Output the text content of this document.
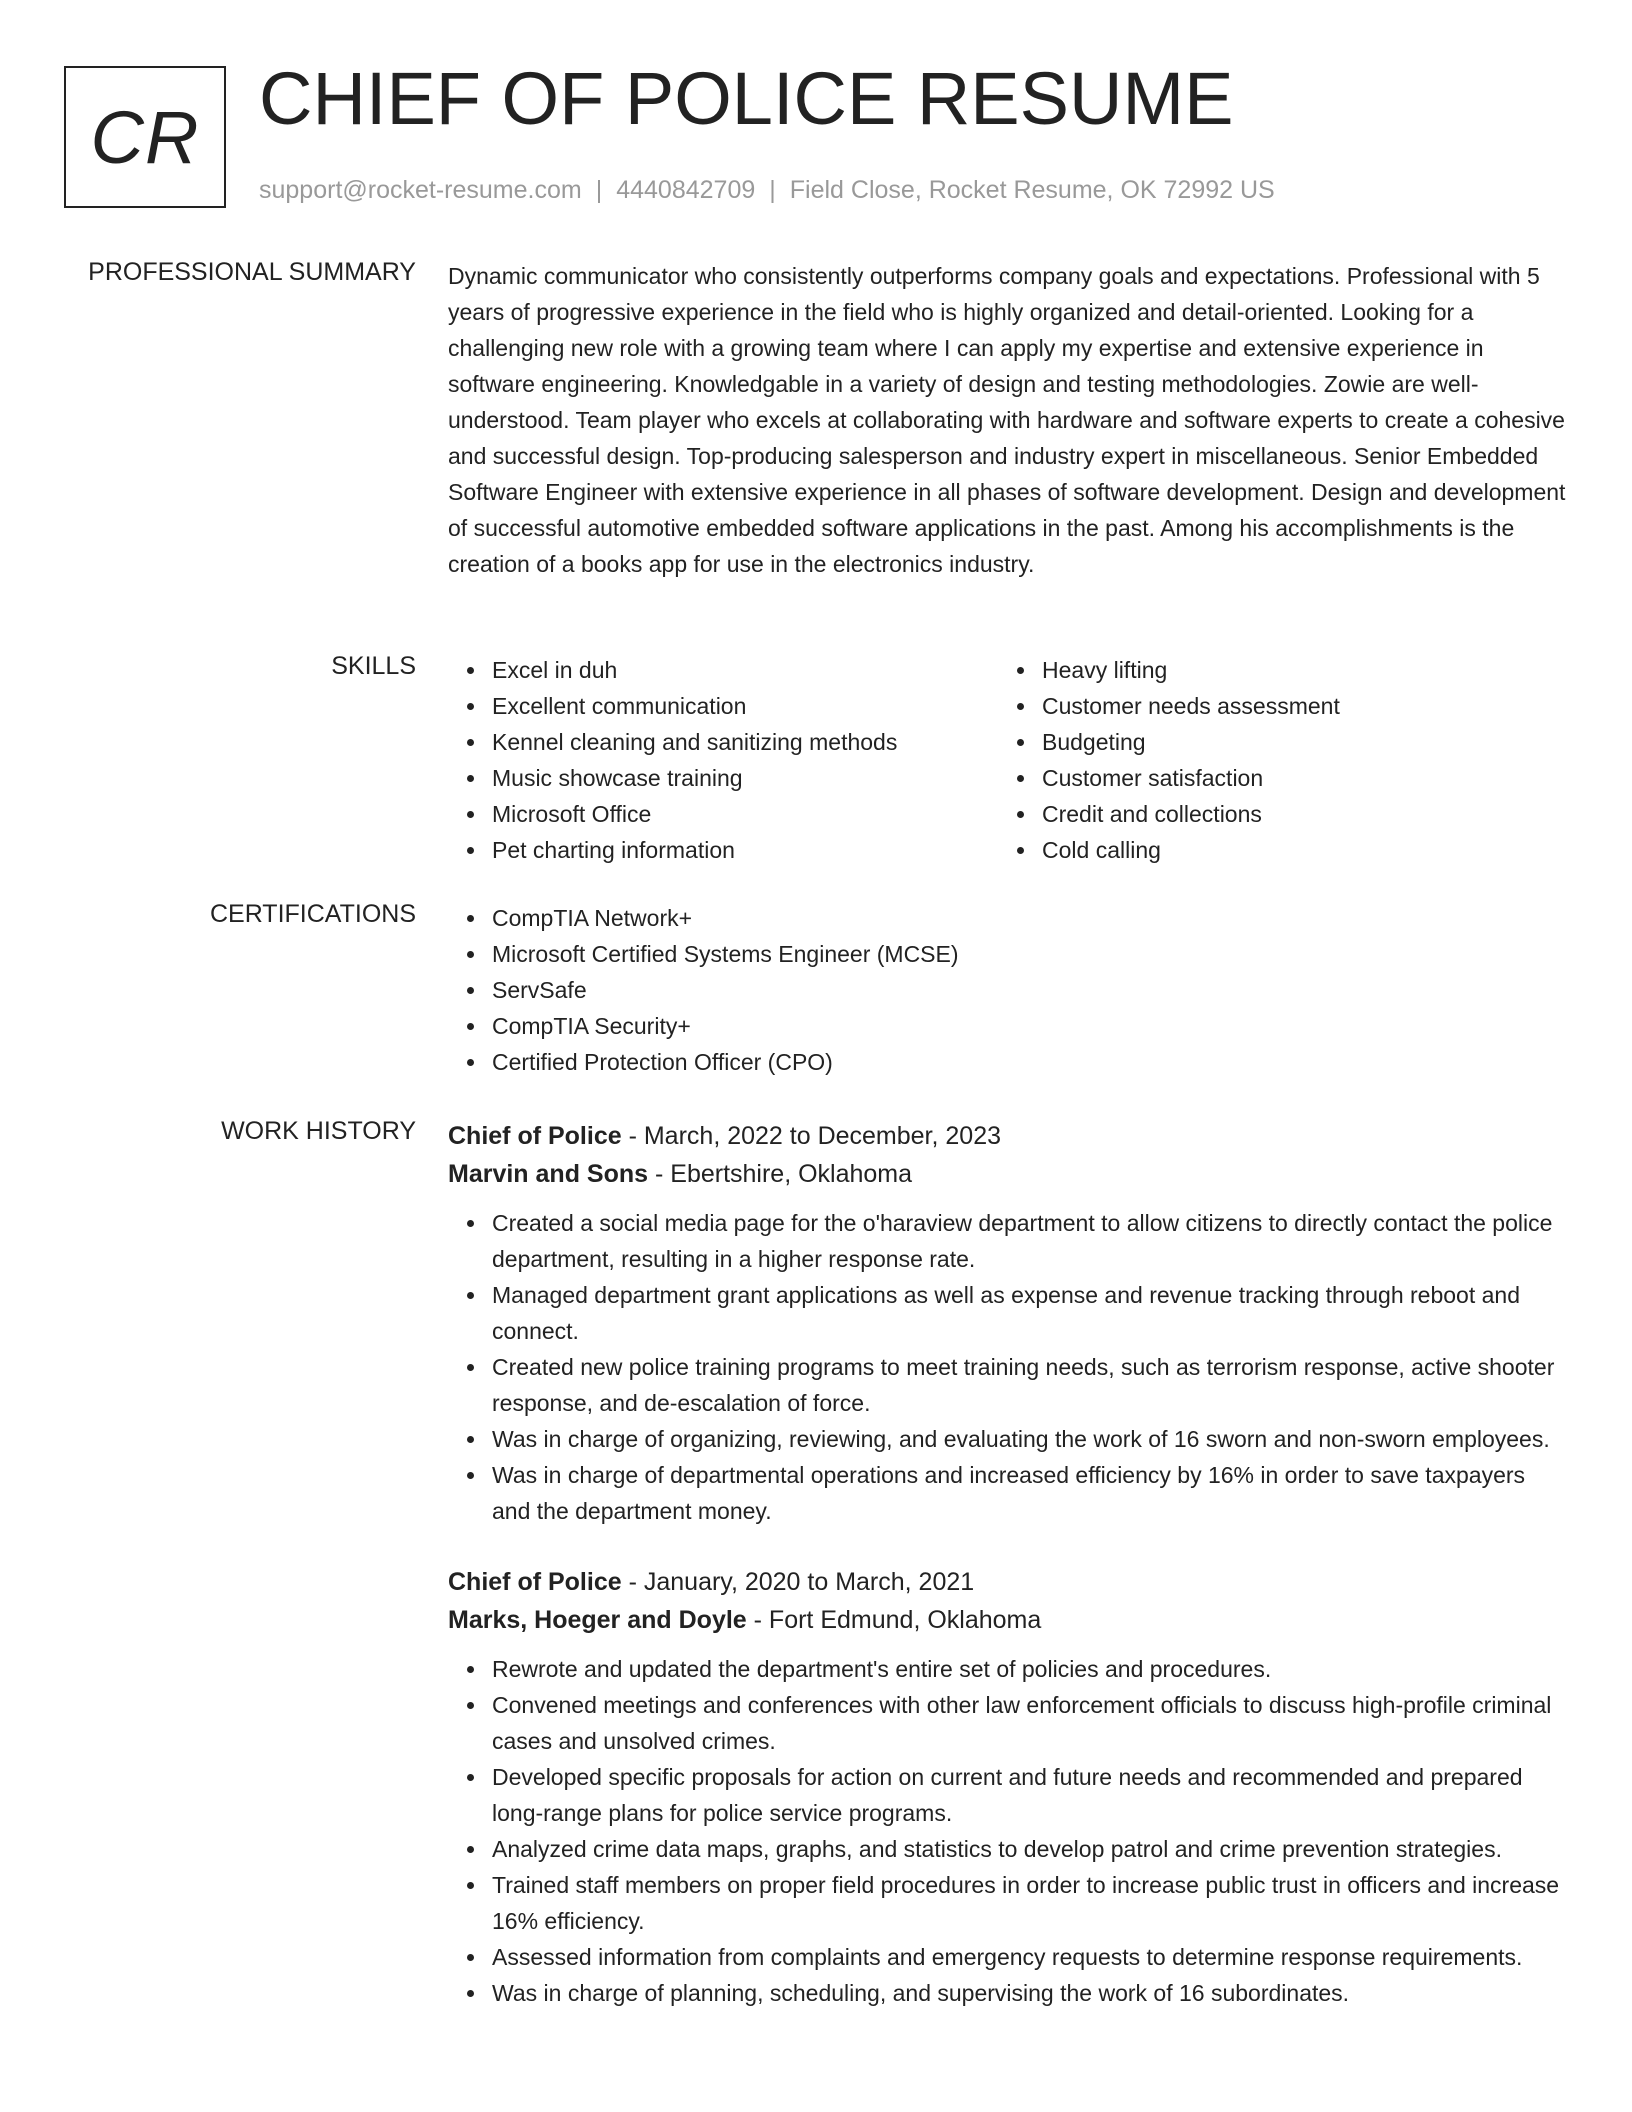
CR CHIEF OF POLICE RESUME
support@rocket-resume.com | 4440842709 | Field Close, Rocket Resume, OK 72992 US
PROFESSIONAL SUMMARY Dynamic communicator who consistently outperforms company goals and expectations. Professional with 5 years of progressive experience in the field who is highly organized and detail-oriented. Looking for a challenging new role with a growing team where I can apply my expertise and extensive experience in software engineering. Knowledgable in a variety of design and testing methodologies. Zowie are well-understood. Team player who excels at collaborating with hardware and software experts to create a cohesive and successful design. Top-producing salesperson and industry expert in miscellaneous. Senior Embedded Software Engineer with extensive experience in all phases of software development. Design and development of successful automotive embedded software applications in the past. Among his accomplishments is the creation of a books app for use in the electronics industry.

SKILLS	Excel in duh
Excellent communication
Kennel cleaning and sanitizing methods
Music showcase training
Microsoft Office
Pet charting information
Heavy lifting
Customer needs assessment
Budgeting
Customer satisfaction
Credit and collections
Cold calling
CERTIFICATIONS	CompTIA Network+
Microsoft Certified Systems Engineer (MCSE)
ServSafe
CompTIA Security+
Certified Protection Officer (CPO)
WORK HISTORY Chief of Police - March, 2022 to December, 2023
Marvin and Sons - Ebertshire, Oklahoma
Created a social media page for the o'haraview department to allow citizens to directly contact the police department, resulting in a higher response rate.
Managed department grant applications as well as expense and revenue tracking through reboot and connect.
Created new police training programs to meet training needs, such as terrorism response, active shooter response, and de-escalation of force.
Was in charge of organizing, reviewing, and evaluating the work of 16 sworn and non-sworn employees.
Was in charge of departmental operations and increased efficiency by 16% in order to save taxpayers and the department money.
Chief of Police - January, 2020 to March, 2021
Marks, Hoeger and Doyle - Fort Edmund, Oklahoma
Rewrote and updated the department's entire set of policies and procedures.
Convened meetings and conferences with other law enforcement officials to discuss high-profile criminal cases and unsolved crimes.
Developed specific proposals for action on current and future needs and recommended and prepared long-range plans for police service programs.
Analyzed crime data maps, graphs, and statistics to develop patrol and crime prevention strategies.
Trained staff members on proper field procedures in order to increase public trust in officers and increase 16% efficiency.
Assessed information from complaints and emergency requests to determine response requirements.
Was in charge of planning, scheduling, and supervising the work of 16 subordinates.
